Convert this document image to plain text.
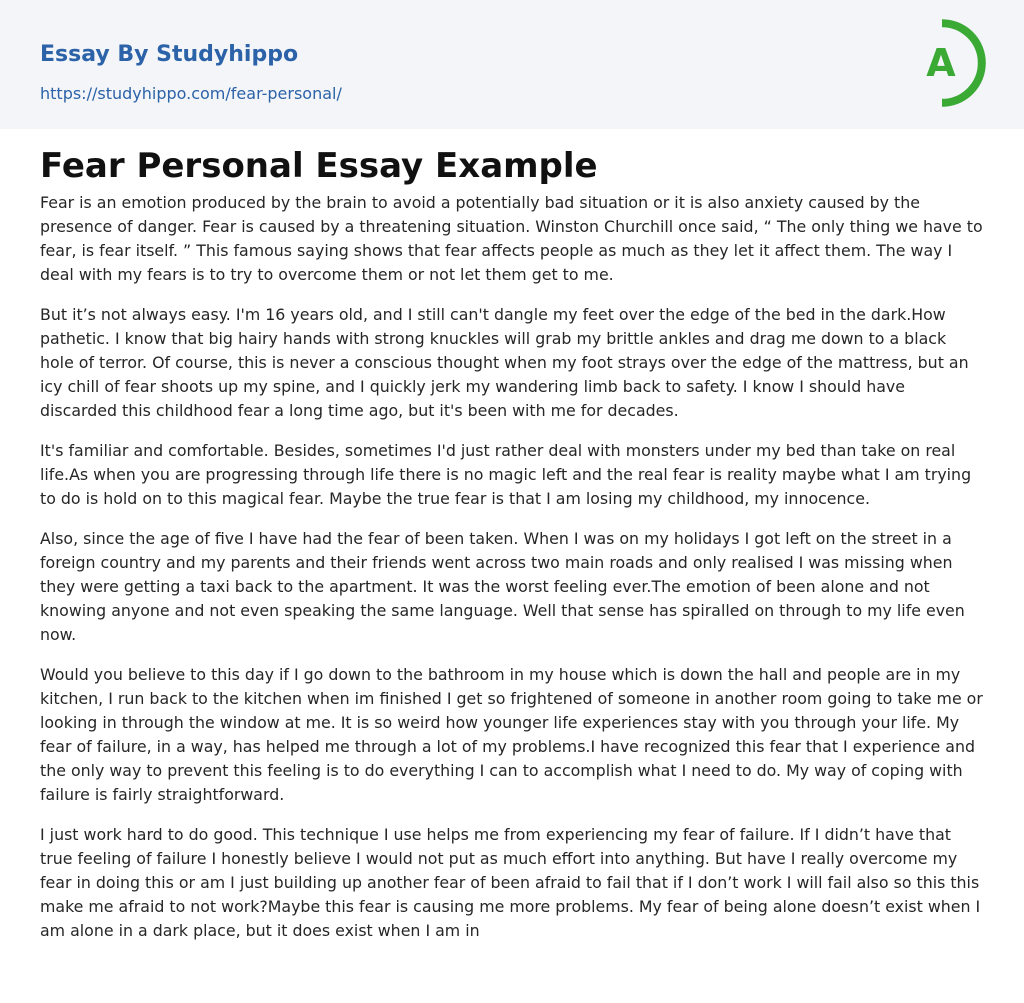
Essay By Studyhippo
https://studyhippo.com/fear-personal/
A
Fear Personal Essay Example

Fear is an emotion produced by the brain to avoid a potentially bad situation or it is also anxiety caused by the presence of danger. Fear is caused by a threatening situation. Winston Churchill once said, “ The only thing we have to fear, is fear itself. ” This famous saying shows that fear affects people as much as they let it affect them. The way I deal with my fears is to try to overcome them or not let them get to me.

But it’s not always easy. I'm 16 years old, and I still can't dangle my feet over the edge of the bed in the dark.How pathetic. I know that big hairy hands with strong knuckles will grab my brittle ankles and drag me down to a black hole of terror. Of course, this is never a conscious thought when my foot strays over the edge of the mattress, but an icy chill of fear shoots up my spine, and I quickly jerk my wandering limb back to safety. I know I should have discarded this childhood fear a long time ago, but it's been with me for decades.

It's familiar and comfortable. Besides, sometimes I'd just rather deal with monsters under my bed than take on real life.As when you are progressing through life there is no magic left and the real fear is reality maybe what I am trying to do is hold on to this magical fear. Maybe the true fear is that I am losing my childhood, my innocence.

Also, since the age of five I have had the fear of been taken. When I was on my holidays I got left on the street in a foreign country and my parents and their friends went across two main roads and only realised I was missing when they were getting a taxi back to the apartment. It was the worst feeling ever.The emotion of been alone and not knowing anyone and not even speaking the same language. Well that sense has spiralled on through to my life even now.

Would you believe to this day if I go down to the bathroom in my house which is down the hall and people are in my kitchen, I run back to the kitchen when im finished I get so frightened of someone in another room going to take me or looking in through the window at me. It is so weird how younger life experiences stay with you through your life. My fear of failure, in a way, has helped me through a lot of my problems.I have recognized this fear that I experience and the only way to prevent this feeling is to do everything I can to accomplish what I need to do. My way of coping with failure is fairly straightforward.

I just work hard to do good. This technique I use helps me from experiencing my fear of failure. If I didn’t have that true feeling of failure I honestly believe I would not put as much effort into anything. But have I really overcome my fear in doing this or am I just building up another fear of been afraid to fail that if I don’t work I will fail also so this this make me afraid to not work?Maybe this fear is causing me more problems. My fear of being alone doesn’t exist when I am alone in a dark place, but it does exist when I am in
